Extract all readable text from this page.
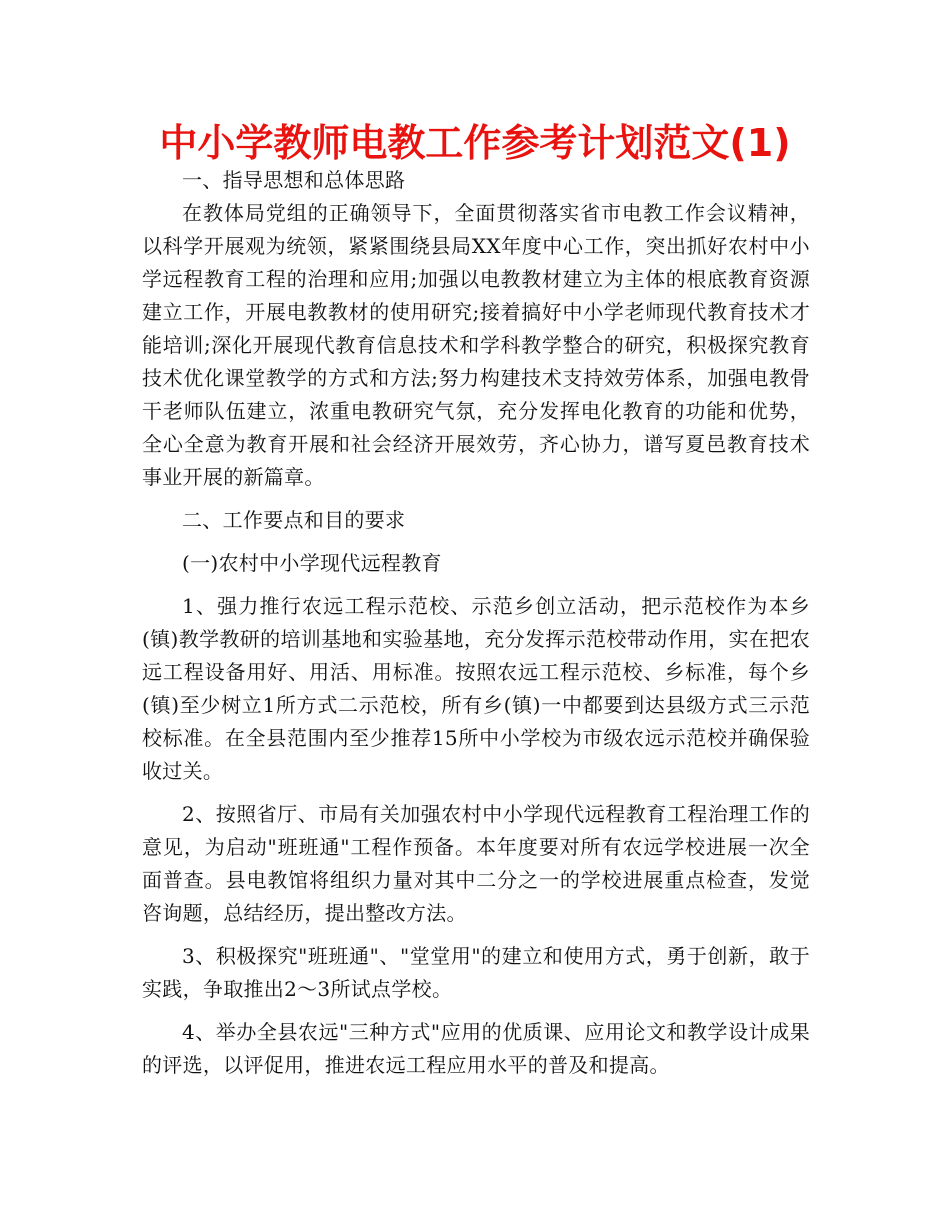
中小学教师电教工作参考计划范文(1)

一、指导思想和总体思路

在教体局党组的正确领导下，全面贯彻落实省市电教工作会议精神，以科学开展观为统领，紧紧围绕县局XX年度中心工作，突出抓好农村中小学远程教育工程的治理和应用;加强以电教教材建立为主体的根底教育资源建立工作，开展电教教材的使用研究;接着搞好中小学老师现代教育技术才能培训;深化开展现代教育信息技术和学科教学整合的研究，积极探究教育技术优化课堂教学的方式和方法;努力构建技术支持效劳体系，加强电教骨干老师队伍建立，浓重电教研究气氛，充分发挥电化教育的功能和优势，全心全意为教育开展和社会经济开展效劳，齐心协力，谱写夏邑教育技术事业开展的新篇章。

二、工作要点和目的要求

(一)农村中小学现代远程教育

1、强力推行农远工程示范校、示范乡创立活动，把示范校作为本乡(镇)教学教研的培训基地和实验基地，充分发挥示范校带动作用，实在把农远工程设备用好、用活、用标准。按照农远工程示范校、乡标准，每个乡(镇)至少树立1所方式二示范校，所有乡(镇)一中都要到达县级方式三示范校标准。在全县范围内至少推荐15所中小学校为市级农远示范校并确保验收过关。

2、按照省厅、市局有关加强农村中小学现代远程教育工程治理工作的意见，为启动"班班通"工程作预备。本年度要对所有农远学校进展一次全面普查。县电教馆将组织力量对其中二分之一的学校进展重点检查，发觉咨询题，总结经历，提出整改方法。

3、积极探究"班班通"、"堂堂用"的建立和使用方式，勇于创新，敢于实践，争取推出2～3所试点学校。

4、举办全县农远"三种方式"应用的优质课、应用论文和教学设计成果的评选，以评促用，推进农远工程应用水平的普及和提高。
